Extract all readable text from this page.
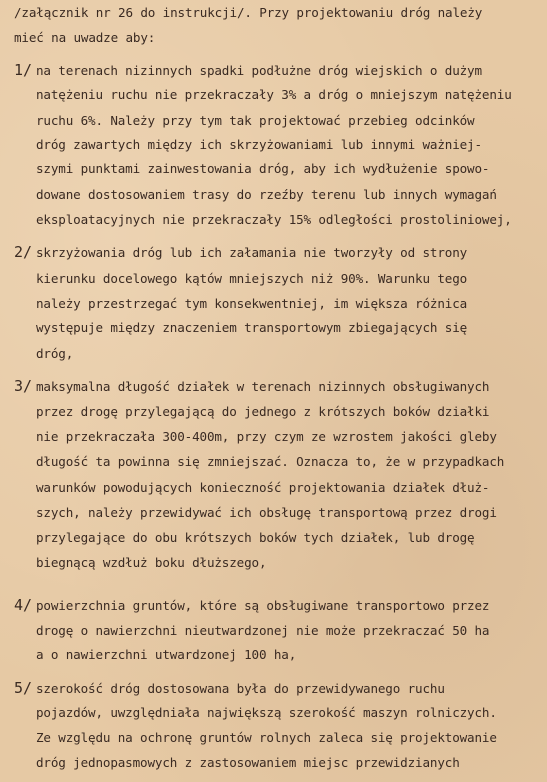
/załącznik nr 26 do instrukcji/. Przy projektowaniu dróg należy
mieć na uwadze aby:
1/ na terenach nizinnych spadki podłużne dróg wiejskich o dużym
natężeniu ruchu nie przekraczały 3% a dróg o mniejszym natężeniu
ruchu 6%. Należy przy tym tak projektować przebieg odcinków
dróg zawartych między ich skrzyżowaniami lub innymi ważniej-
szymi punktami zainwestowania dróg, aby ich wydłużenie spowo-
dowane dostosowaniem trasy do rzeźby terenu lub innych wymagań
eksploatacyjnych nie przekraczały 15% odległości prostoliniowej,
2/ skrzyżowania dróg lub ich załamania nie tworzyły od strony
kierunku docelowego kątów mniejszych niż 90%. Warunku tego
należy przestrzegać tym konsekwentniej, im większa różnica
występuje między znaczeniem transportowym zbiegających się
dróg,
3/ maksymalna długość działek w terenach nizinnych obsługiwanych
przez drogę przylegającą do jednego z krótszych boków działki
nie przekraczała 300-400m, przy czym ze wzrostem jakości gleby
długość ta powinna się zmniejszać. Oznacza to, że w przypadkach
warunków powodujących konieczność projektowania działek dłuż-
szych, należy przewidywać ich obsługę transportową przez drogi
przylegające do obu krótszych boków tych działek, lub drogę
biegnącą wzdłuż boku dłuższego,
4/ powierzchnia gruntów, które są obsługiwane transportowo przez
drogę o nawierzchni nieutwardzonej nie może przekraczać 50 ha
a o nawierzchni utwardzonej 100 ha,
5/ szerokość dróg dostosowana była do przewidywanego ruchu
pojazdów, uwzględniała największą szerokość maszyn rolniczych.
Ze względu na ochronę gruntów rolnych zaleca się projektowanie
dróg jednopasmowych z zastosowaniem miejsc przewidzianych
